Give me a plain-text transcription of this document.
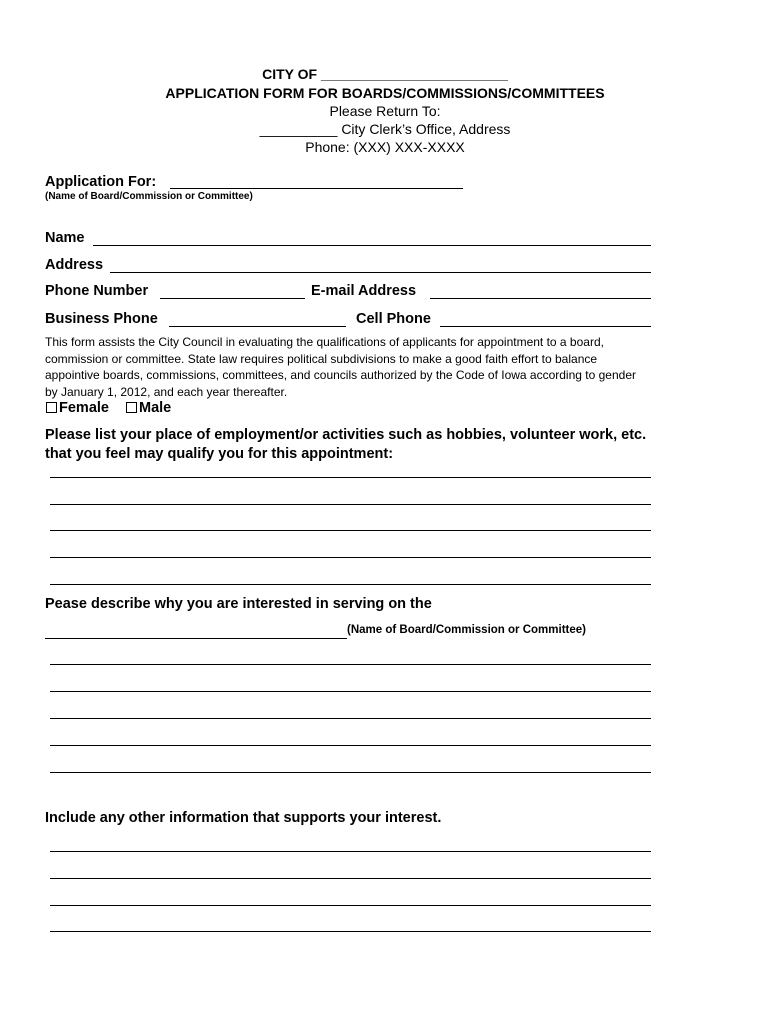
CITY OF ________________________
APPLICATION FORM FOR BOARDS/COMMISSIONS/COMMITTEES
Please Return To:
__________ City Clerk’s Office, Address
Phone: (XXX) XXX-XXXX
Application For:
(Name of Board/Commission or Committee)
Name
Address
Phone Number	E-mail Address
Business Phone	Cell Phone
This form assists the City Council in evaluating the qualifications of applicants for appointment to a board, commission or committee. State law requires political subdivisions to make a good faith effort to balance appointive boards, commissions, committees, and councils authorized by the Code of Iowa according to gender by January 1, 2012, and each year thereafter.
Female	Male
Please list your place of employment/or activities such as hobbies, volunteer work, etc.
that you feel may qualify you for this appointment:
Pease describe why you are interested in serving on the
(Name of Board/Commission or Committee)
Include any other information that supports your interest.
